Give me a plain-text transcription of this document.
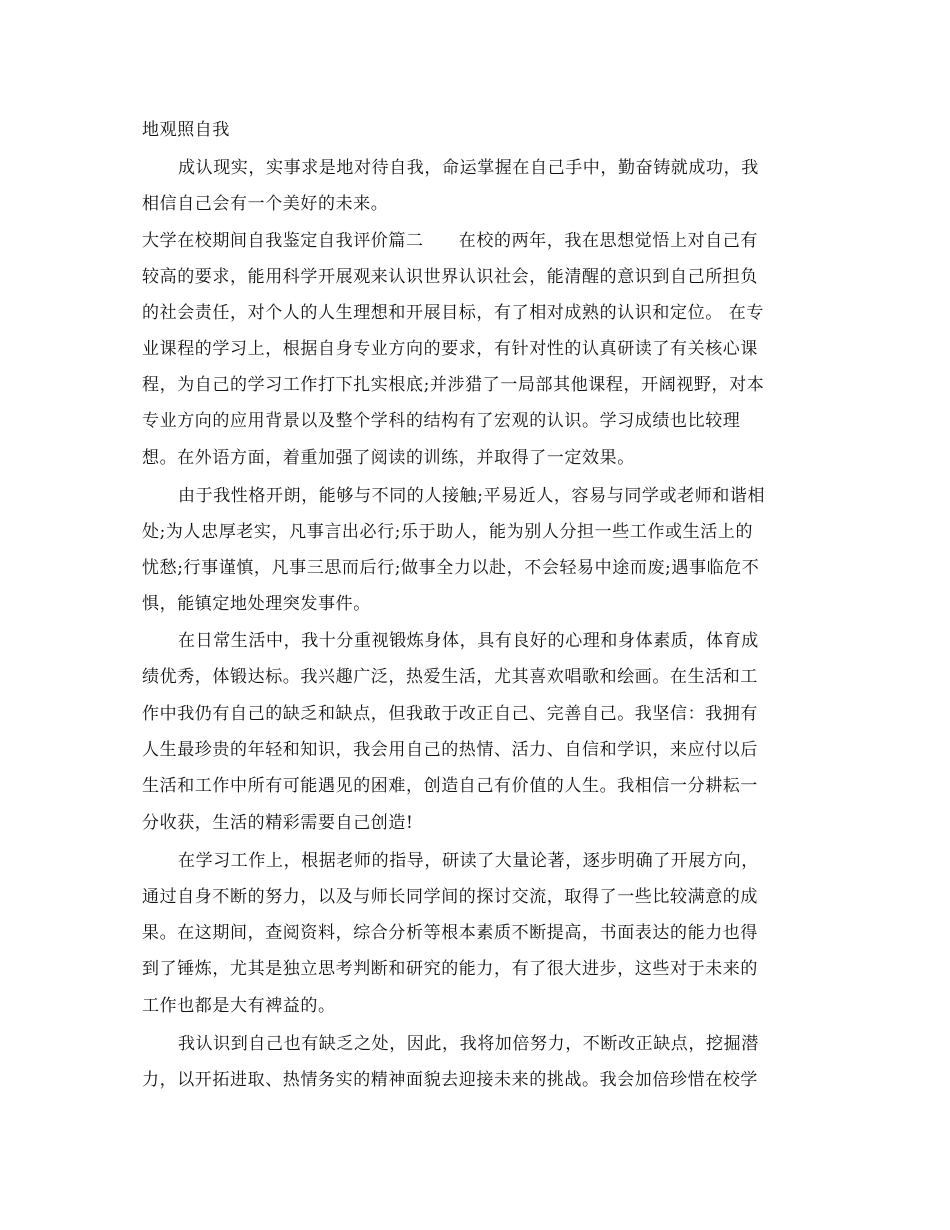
地观照自我
成认现实，实事求是地对待自我，命运掌握在自己手中，勤奋铸就成功，我
相信自己会有一个美好的未来。
大学在校期间自我鉴定自我评价篇二　　在校的两年，我在思想觉悟上对自己有
较高的要求，能用科学开展观来认识世界认识社会，能清醒的意识到自己所担负
的社会责任，对个人的人生理想和开展目标，有了相对成熟的认识和定位。 在专
业课程的学习上，根据自身专业方向的要求，有针对性的认真研读了有关核心课
程，为自己的学习工作打下扎实根底;并涉猎了一局部其他课程，开阔视野，对本
专业方向的应用背景以及整个学科的结构有了宏观的认识。学习成绩也比较理
想。在外语方面，着重加强了阅读的训练，并取得了一定效果。
由于我性格开朗，能够与不同的人接触;平易近人，容易与同学或老师和谐相
处;为人忠厚老实，凡事言出必行;乐于助人，能为别人分担一些工作或生活上的
忧愁;行事谨慎，凡事三思而后行;做事全力以赴，不会轻易中途而废;遇事临危不
惧，能镇定地处理突发事件。
在日常生活中，我十分重视锻炼身体，具有良好的心理和身体素质，体育成
绩优秀，体锻达标。我兴趣广泛，热爱生活，尤其喜欢唱歌和绘画。在生活和工
作中我仍有自己的缺乏和缺点，但我敢于改正自己、完善自己。我坚信：我拥有
人生最珍贵的年轻和知识，我会用自己的热情、活力、自信和学识，来应付以后
生活和工作中所有可能遇见的困难，创造自己有价值的人生。我相信一分耕耘一
分收获，生活的精彩需要自己创造!
在学习工作上，根据老师的指导，研读了大量论著，逐步明确了开展方向，
通过自身不断的努力，以及与师长同学间的探讨交流，取得了一些比较满意的成
果。在这期间，查阅资料，综合分析等根本素质不断提高，书面表达的能力也得
到了锤炼，尤其是独立思考判断和研究的能力，有了很大进步，这些对于未来的
工作也都是大有裨益的。
我认识到自己也有缺乏之处，因此，我将加倍努力，不断改正缺点，挖掘潜
力，以开拓进取、热情务实的精神面貌去迎接未来的挑战。我会加倍珍惜在校学
